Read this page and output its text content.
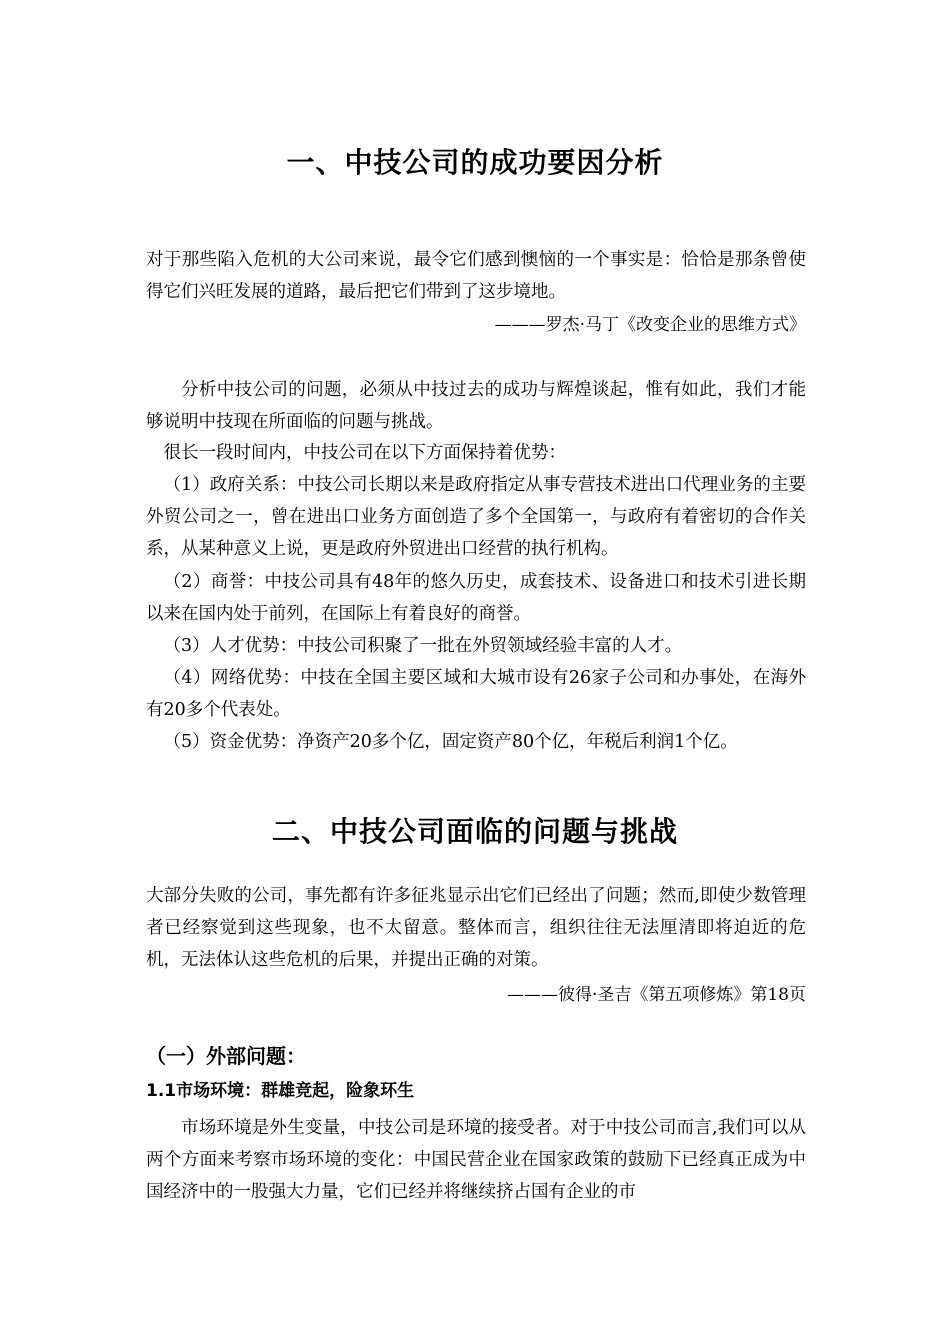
一、中技公司的成功要因分析
对于那些陷入危机的大公司来说，最令它们感到懊恼的一个事实是：恰恰是那条曾使得它们兴旺发展的道路，最后把它们带到了这步境地。
———罗杰·马丁《改变企业的思维方式》
分析中技公司的问题，必须从中技过去的成功与辉煌谈起，惟有如此，我们才能够说明中技现在所面临的问题与挑战。
很长一段时间内，中技公司在以下方面保持着优势：
（1）政府关系：中技公司长期以来是政府指定从事专营技术进出口代理业务的主要外贸公司之一，曾在进出口业务方面创造了多个全国第一，与政府有着密切的合作关系，从某种意义上说，更是政府外贸进出口经营的执行机构。
（2）商誉：中技公司具有48年的悠久历史，成套技术、设备进口和技术引进长期以来在国内处于前列，在国际上有着良好的商誉。
（3）人才优势：中技公司积聚了一批在外贸领域经验丰富的人才。
（4）网络优势：中技在全国主要区域和大城市设有26家子公司和办事处，在海外有20多个代表处。
（5）资金优势：净资产20多个亿，固定资产80个亿，年税后利润1个亿。
二、中技公司面临的问题与挑战
大部分失败的公司，事先都有许多征兆显示出它们已经出了问题；然而,即使少数管理者已经察觉到这些现象，也不太留意。整体而言，组织往往无法厘清即将迫近的危机，无法体认这些危机的后果，并提出正确的对策。
———彼得·圣吉《第五项修炼》第18页
（一）外部问题：
1.1市场环境：群雄竞起，险象环生
市场环境是外生变量，中技公司是环境的接受者。对于中技公司而言,我们可以从两个方面来考察市场环境的变化：中国民营企业在国家政策的鼓励下已经真正成为中国经济中的一股强大力量，它们已经并将继续挤占国有企业的市
